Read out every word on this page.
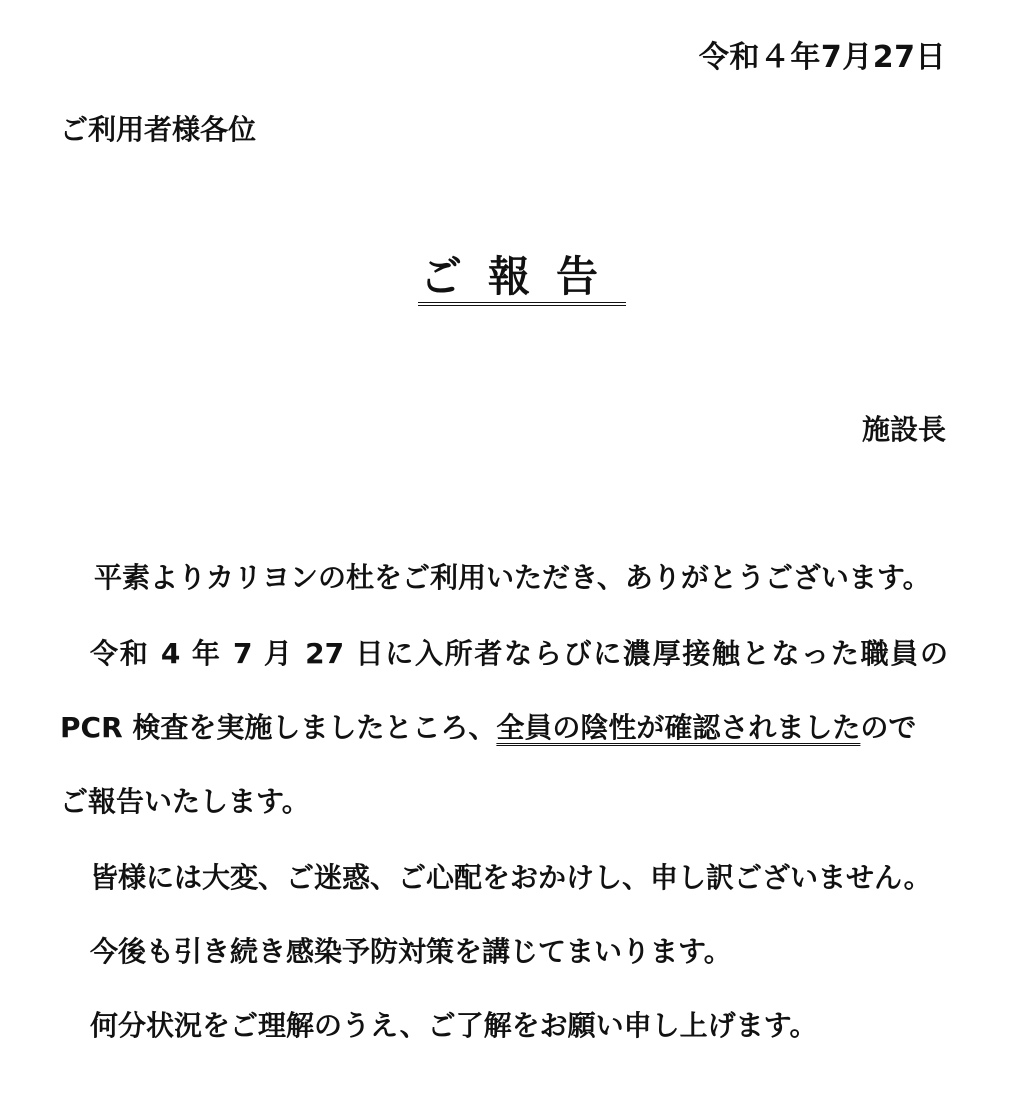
令和４年7月27日
ご利用者様各位
ご報告
施設長
平素よりカリヨンの杜をご利用いただき、ありがとうございます。
令和 4 年 7 月 27 日に入所者ならびに濃厚接触となった職員の
PCR 検査を実施しましたところ、全員の陰性が確認されましたので
ご報告いたします。
皆様には大変、ご迷惑、ご心配をおかけし、申し訳ございません。
今後も引き続き感染予防対策を講じてまいります。
何分状況をご理解のうえ、ご了解をお願い申し上げます。
